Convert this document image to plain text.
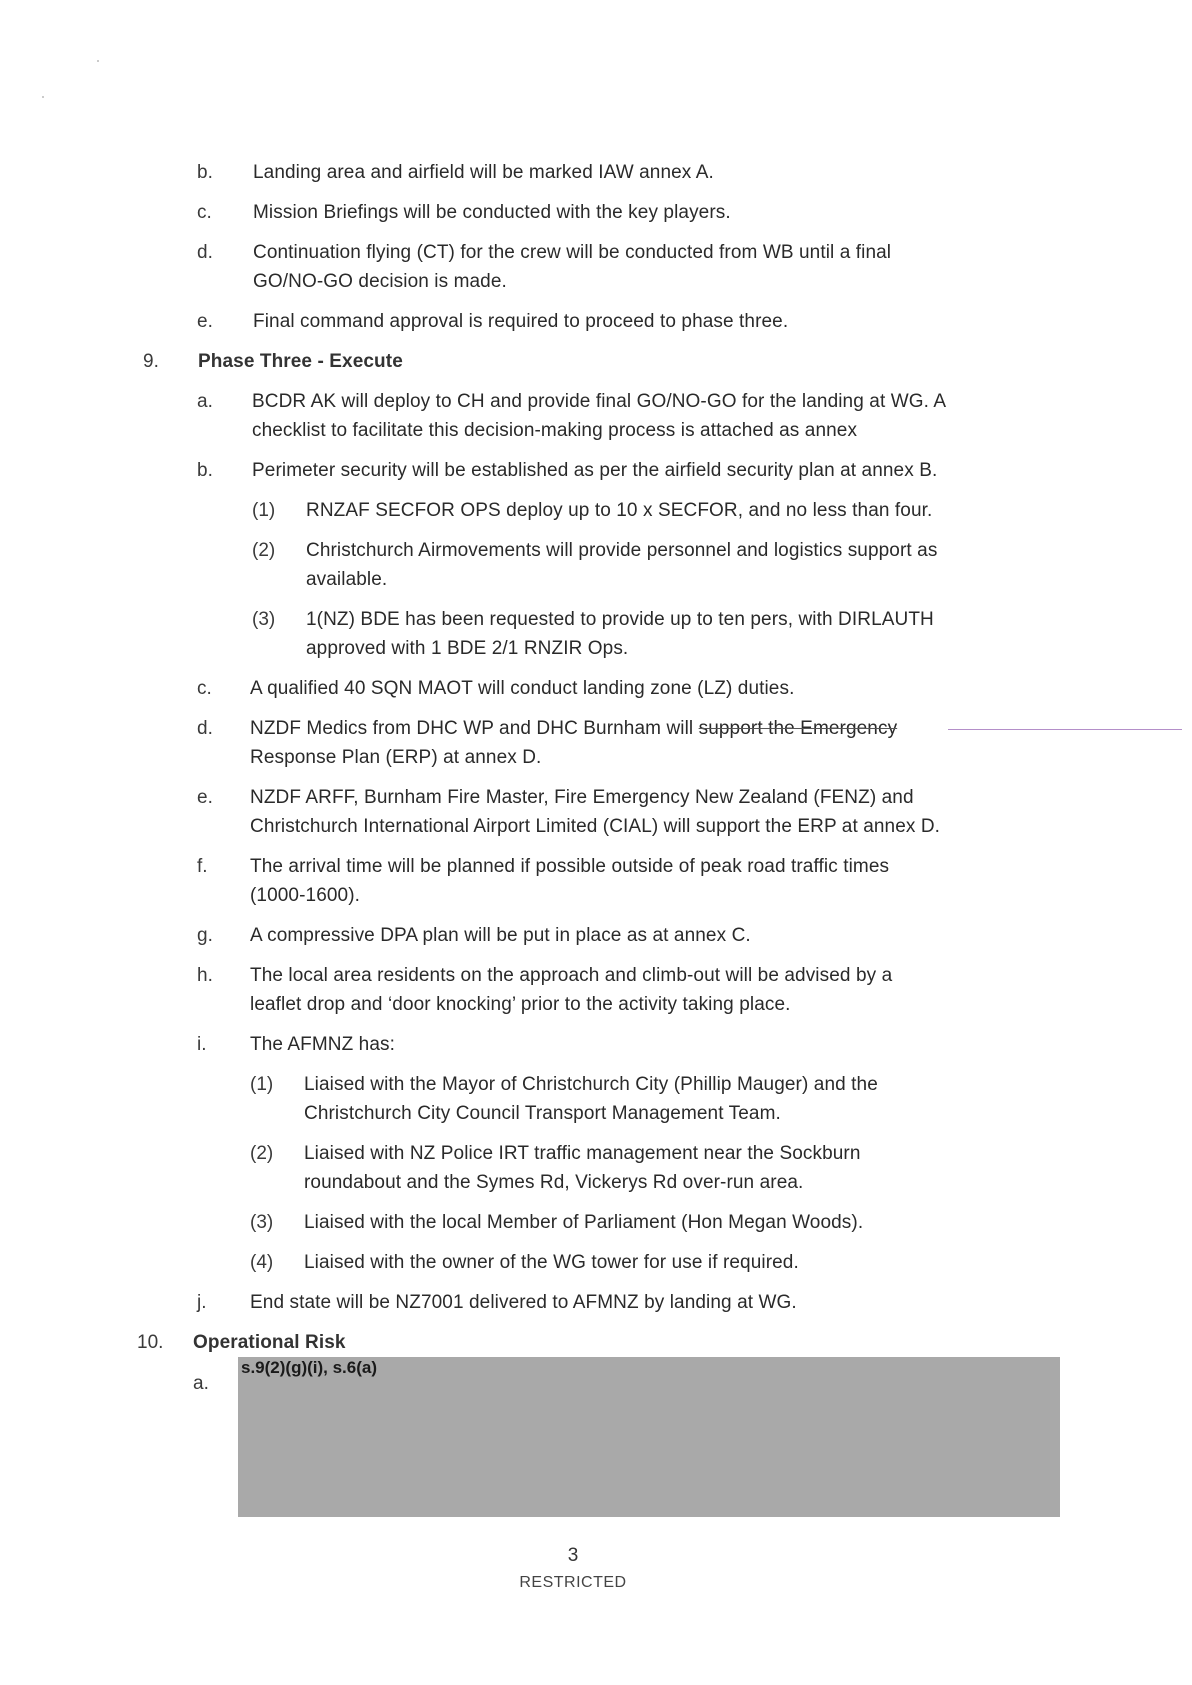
b. Landing area and airfield will be marked IAW annex A.
c. Mission Briefings will be conducted with the key players.
d. Continuation flying (CT) for the crew will be conducted from WB until a final
GO/NO-GO decision is made.
e. Final command approval is required to proceed to phase three.
9. Phase Three - Execute
a. BCDR AK will deploy to CH and provide final GO/NO-GO for the landing at WG. A
checklist to facilitate this decision-making process is attached as annex
b. Perimeter security will be established as per the airfield security plan at annex B.
(1) RNZAF SECFOR OPS deploy up to 10 x SECFOR, and no less than four.
(2) Christchurch Airmovements will provide personnel and logistics support as
available.
(3) 1(NZ) BDE has been requested to provide up to ten pers, with DIRLAUTH
approved with 1 BDE 2/1 RNZIR Ops.
c. A qualified 40 SQN MAOT will conduct landing zone (LZ) duties.
d. NZDF Medics from DHC WP and DHC Burnham will support the Emergency
Response Plan (ERP) at annex D.
e. NZDF ARFF, Burnham Fire Master, Fire Emergency New Zealand (FENZ) and
Christchurch International Airport Limited (CIAL) will support the ERP at annex D.
f. The arrival time will be planned if possible outside of peak road traffic times
(1000-1600).
g. A compressive DPA plan will be put in place as at annex C.
h. The local area residents on the approach and climb-out will be advised by a
leaflet drop and ‘door knocking’ prior to the activity taking place.
i. The AFMNZ has:
(1) Liaised with the Mayor of Christchurch City (Phillip Mauger) and the
Christchurch City Council Transport Management Team.
(2) Liaised with NZ Police IRT traffic management near the Sockburn
roundabout and the Symes Rd, Vickerys Rd over-run area.
(3) Liaised with the local Member of Parliament (Hon Megan Woods).
(4) Liaised with the owner of the WG tower for use if required.
j. End state will be NZ7001 delivered to AFMNZ by landing at WG.
10. Operational Risk
a.
s.9(2)(g)(i), s.6(a)
3
RESTRICTED
